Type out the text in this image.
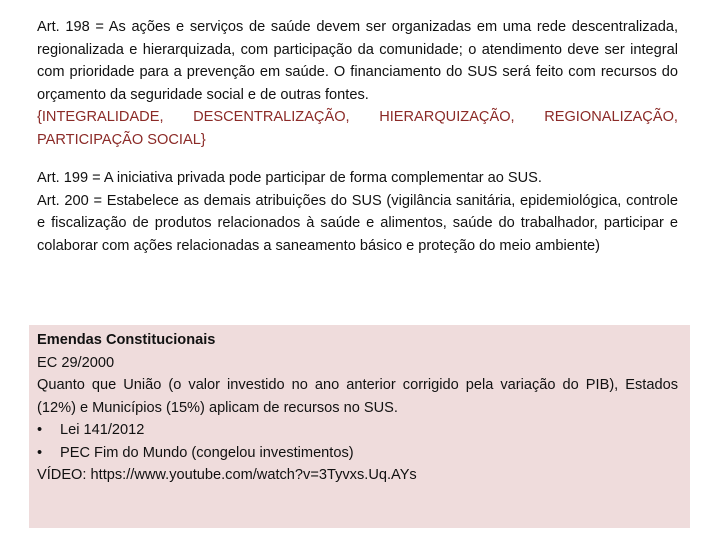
Art. 198 = As ações e serviços de saúde devem ser organizadas em uma rede descentralizada, regionalizada e hierarquizada, com participação da comunidade; o atendimento deve ser integral com prioridade para a prevenção em saúde. O financiamento do SUS será feito com recursos do orçamento da seguridade social e de outras fontes.

{INTEGRALIDADE, DESCENTRALIZAÇÃO, HIERARQUIZAÇÃO, REGIONALIZAÇÃO, PARTICIPAÇÃO SOCIAL}

Art. 199 = A iniciativa privada pode participar de forma complementar ao SUS.

Art. 200 = Estabelece as demais atribuições do SUS (vigilância sanitária, epidemiológica, controle e fiscalização de produtos relacionados à saúde e alimentos, saúde do trabalhador, participar e colaborar com ações relacionadas a saneamento básico e proteção do meio ambiente)

Emendas Constitucionais

EC 29/2000

Quanto que União (o valor investido no ano anterior corrigido pela variação do PIB), Estados (12%) e Municípios (15%) aplicam de recursos no SUS.

•	Lei 141/2012
•	PEC Fim do Mundo (congelou investimentos)

VÍDEO: https://www.youtube.com/watch?v=3Tyvxs.Uq.AYs
